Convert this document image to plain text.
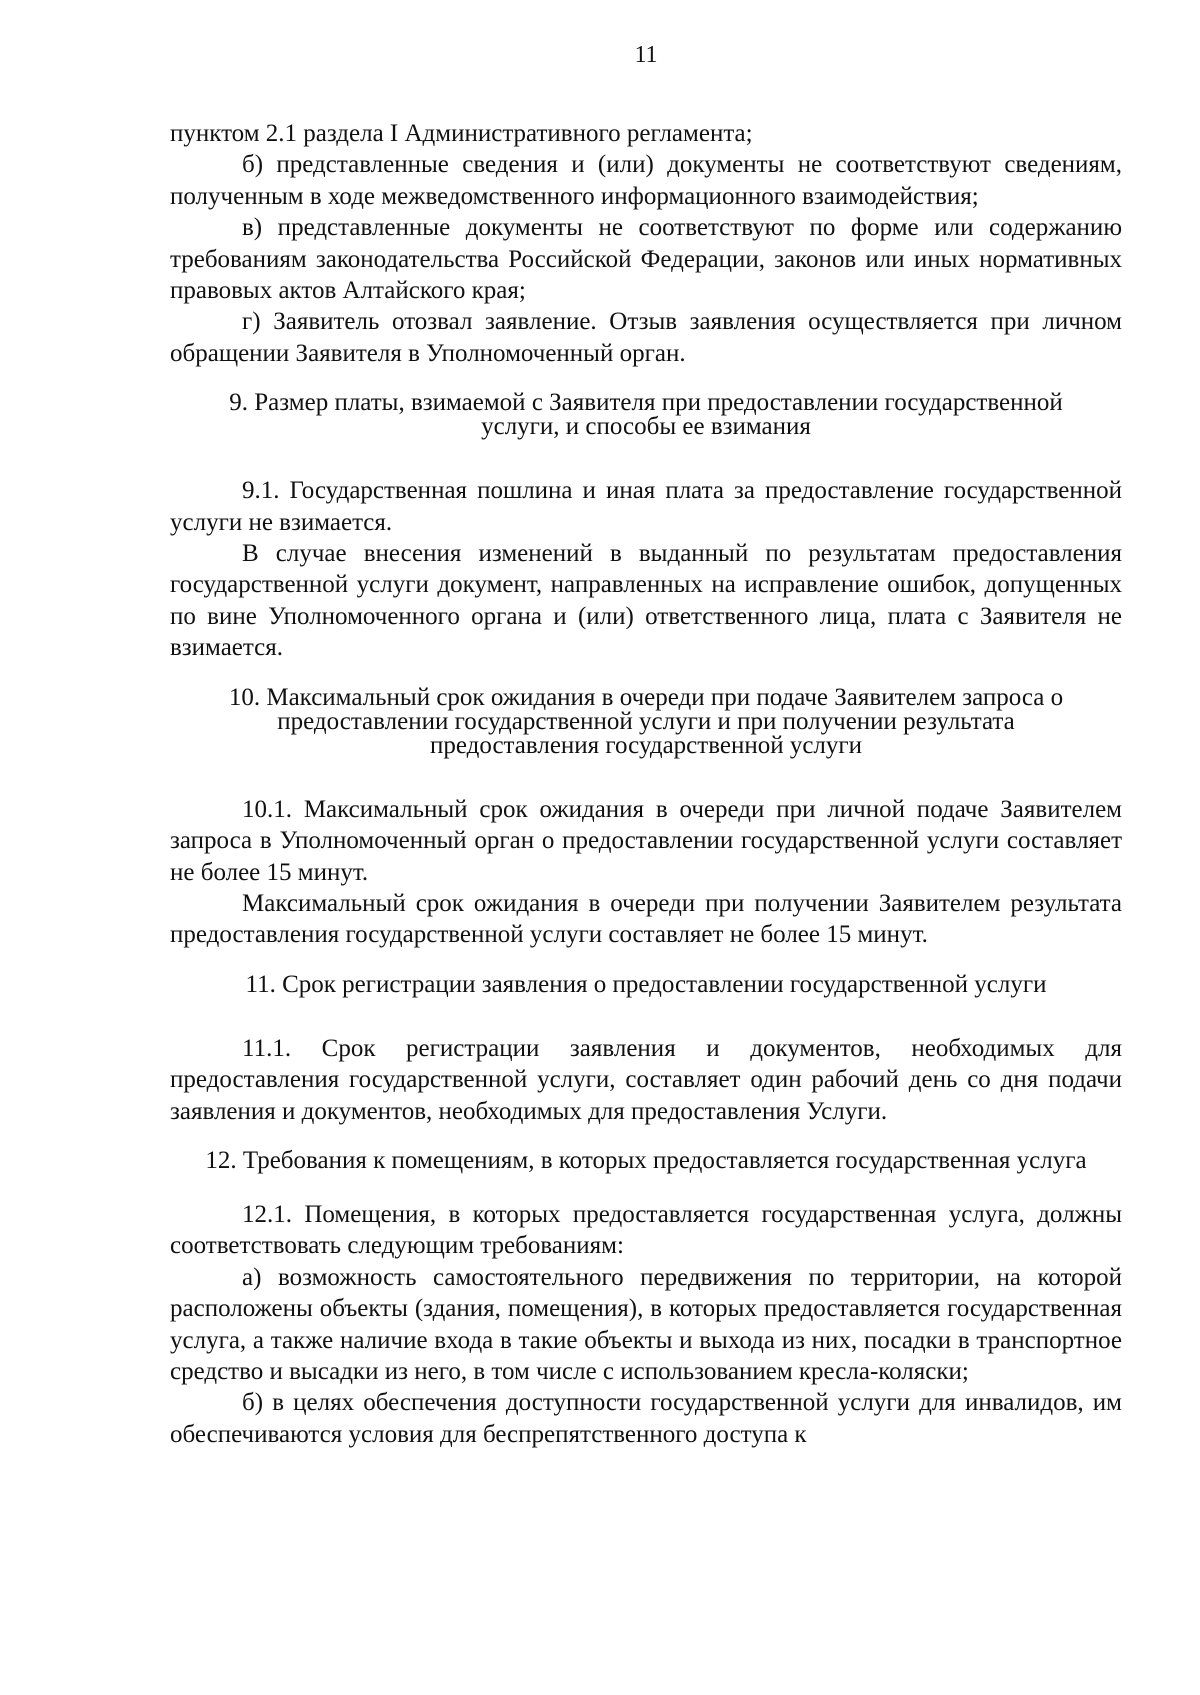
11

пунктом 2.1 раздела I Административного регламента;

б) представленные сведения и (или) документы не соответствуют сведениям, полученным в ходе межведомственного информационного взаимодействия;

в) представленные документы не соответствуют по форме или содержанию требованиям законодательства Российской Федерации, законов или иных нормативных правовых актов Алтайского края;

г) Заявитель отозвал заявление. Отзыв заявления осуществляется при личном обращении Заявителя в Уполномоченный орган.

9. Размер платы, взимаемой с Заявителя при предоставлении государственной услуги, и способы ее взимания

9.1. Государственная пошлина и иная плата за предоставление государственной услуги не взимается.

В случае внесения изменений в выданный по результатам предоставления государственной услуги документ, направленных на исправление ошибок, допущенных по вине Уполномоченного органа и (или) ответственного лица, плата с Заявителя не взимается.

10. Максимальный срок ожидания в очереди при подаче Заявителем запроса о предоставлении государственной услуги и при получении результата предоставления государственной услуги

10.1. Максимальный срок ожидания в очереди при личной подаче Заявителем запроса в Уполномоченный орган о предоставлении государственной услуги составляет не более 15 минут.

Максимальный срок ожидания в очереди при получении Заявителем результата предоставления государственной услуги составляет не более 15 минут.

11. Срок регистрации заявления о предоставлении государственной услуги

11.1. Срок регистрации заявления и документов, необходимых для предоставления государственной услуги, составляет один рабочий день со дня подачи заявления и документов, необходимых для предоставления Услуги.

12. Требования к помещениям, в которых предоставляется государственная услуга

12.1. Помещения, в которых предоставляется государственная услуга, должны соответствовать следующим требованиям:

а) возможность самостоятельного передвижения по территории, на которой расположены объекты (здания, помещения), в которых предоставляется государственная услуга, а также наличие входа в такие объекты и выхода из них, посадки в транспортное средство и высадки из него, в том числе с использованием кресла-коляски;

б) в целях обеспечения доступности государственной услуги для инвалидов, им обеспечиваются условия для беспрепятственного доступа к
